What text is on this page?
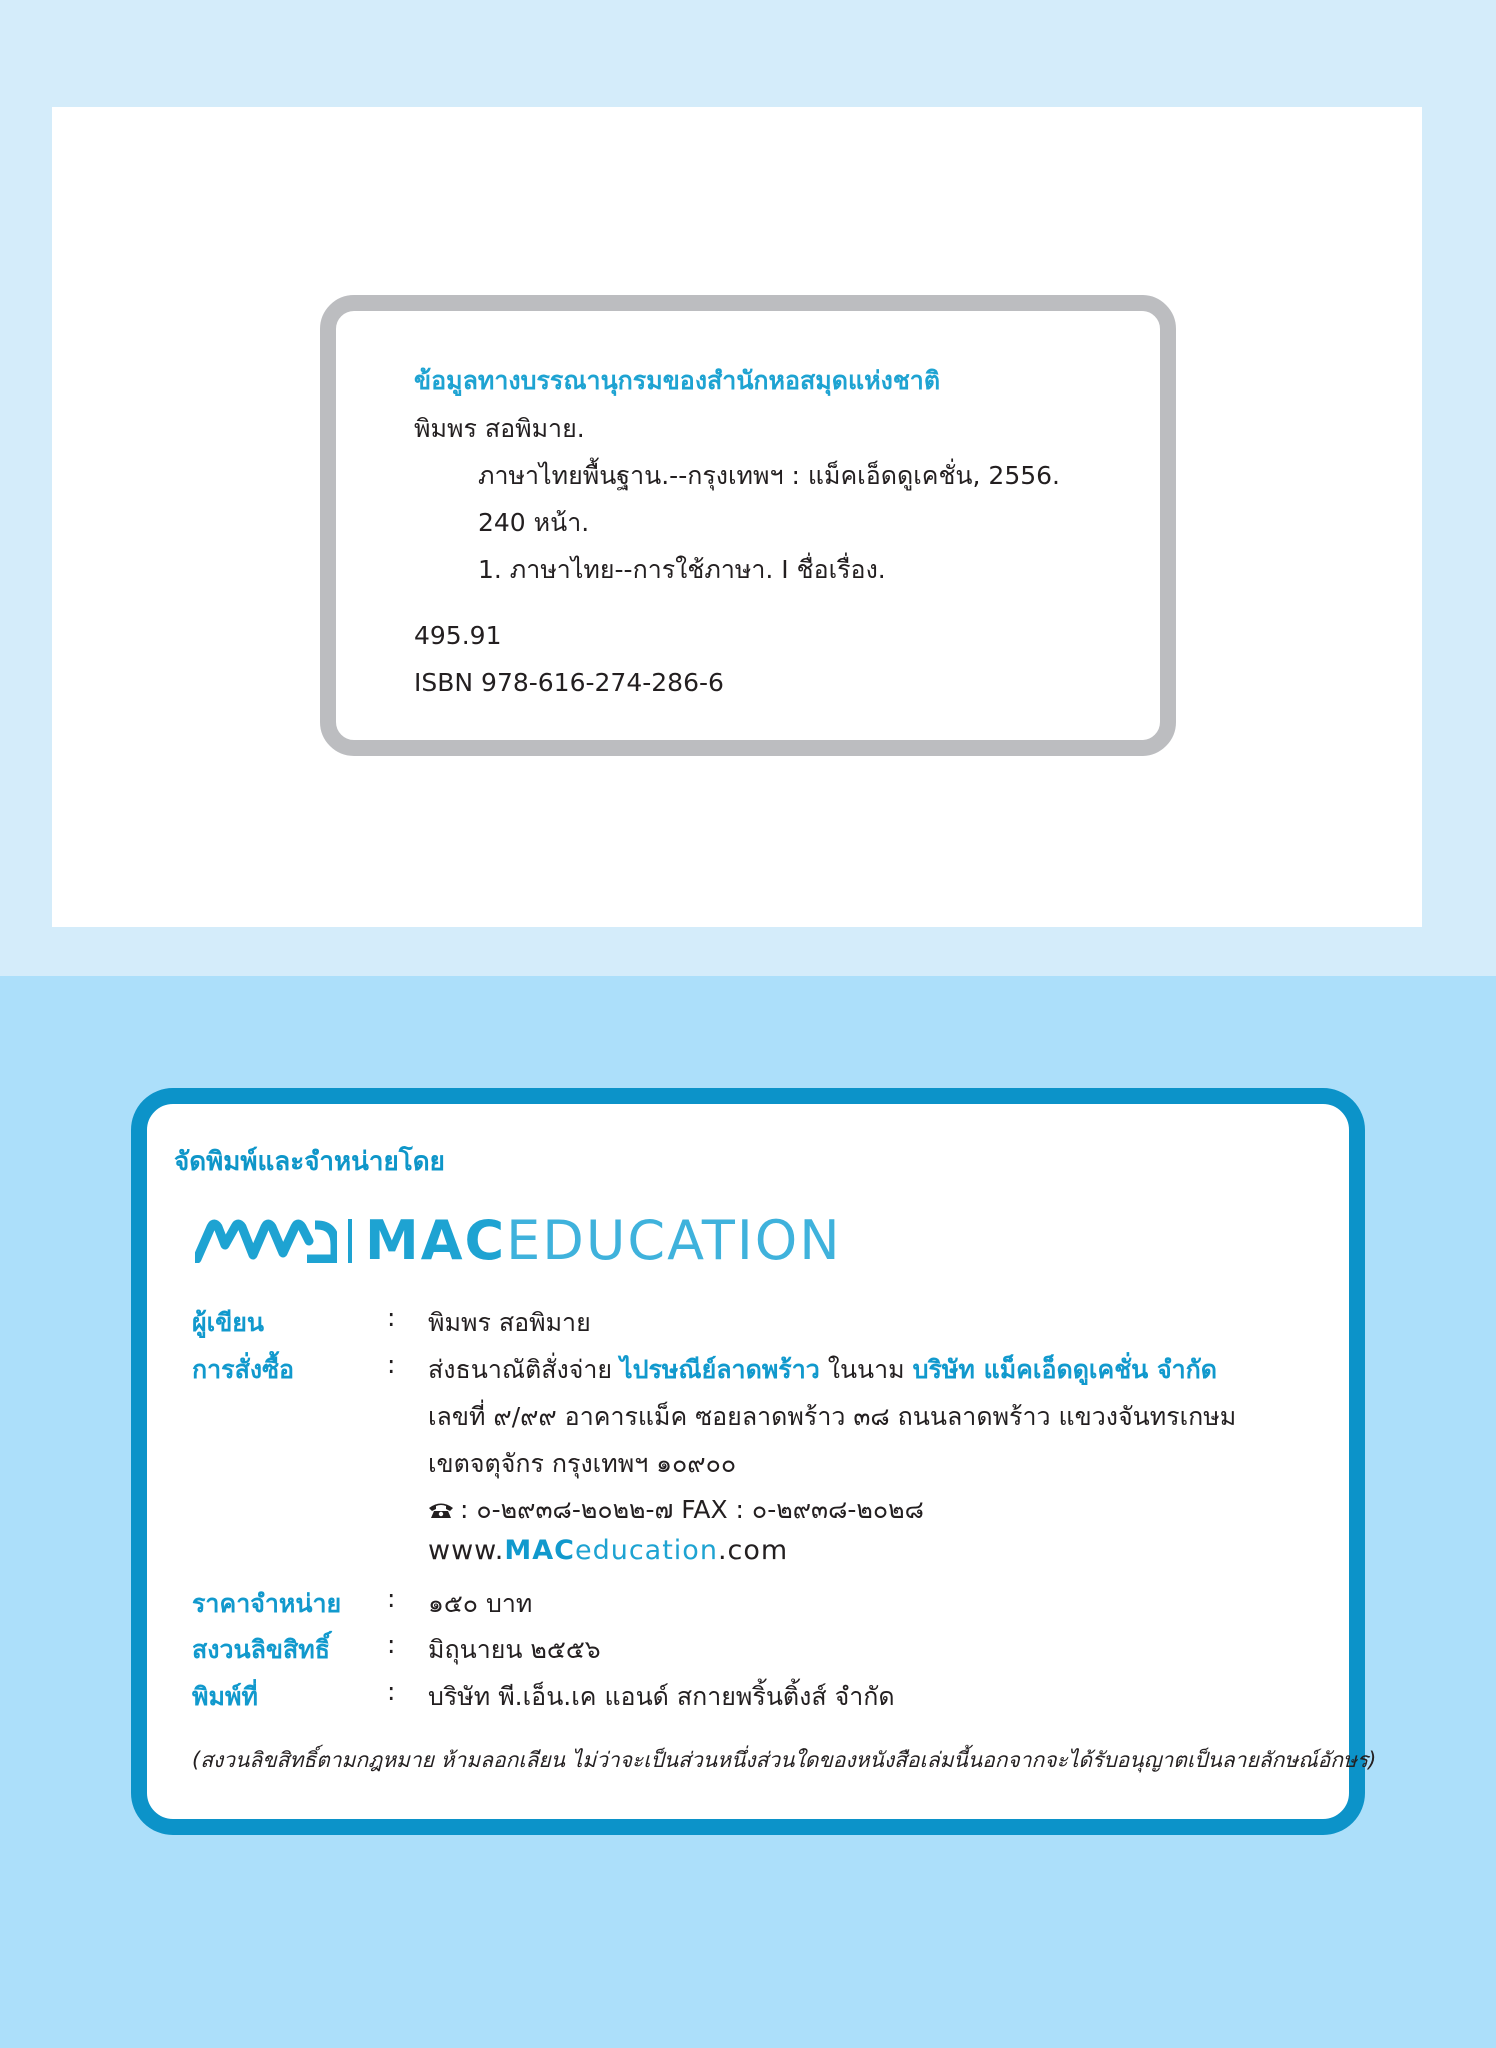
ข้อมูลทางบรรณานุกรมของสำนักหอสมุดแห่งชาติ
พิมพร สอพิมาย.
ภาษาไทยพื้นฐาน.--กรุงเทพฯ : แม็คเอ็ดดูเคชั่น, 2556.
240 หน้า.
1. ภาษาไทย--การใช้ภาษา. I ชื่อเรื่อง.
495.91
ISBN 978-616-274-286-6
จัดพิมพ์และจำหน่ายโดย
MACEDUCATION
ผู้เขียน	: พิมพร สอพิมาย
การสั่งซื้อ	: ส่งธนาณัติสั่งจ่าย ไปรษณีย์ลาดพร้าว ในนาม บริษัท แม็คเอ็ดดูเคชั่น จำกัด
เลขที่ ๙/๙๙ อาคารแม็ค ซอยลาดพร้าว ๓๘ ถนนลาดพร้าว แขวงจันทรเกษม
เขตจตุจักร กรุงเทพฯ ๑๐๙๐๐
: ๐-๒๙๓๘-๒๐๒๒-๗ FAX : ๐-๒๙๓๘-๒๐๒๘
www.MACeducation.com
ราคาจำหน่าย : ๑๕๐ บาท
สงวนลิขสิทธิ์ : มิถุนายน ๒๕๕๖
พิมพ์ที่	: บริษัท พี.เอ็น.เค แอนด์ สกายพริ้นติ้งส์ จำกัด
(สงวนลิขสิทธิ์ตามกฎหมาย ห้ามลอกเลียน ไม่ว่าจะเป็นส่วนหนึ่งส่วนใดของหนังสือเล่มนี้นอกจากจะได้รับอนุญาตเป็นลายลักษณ์อักษร)
